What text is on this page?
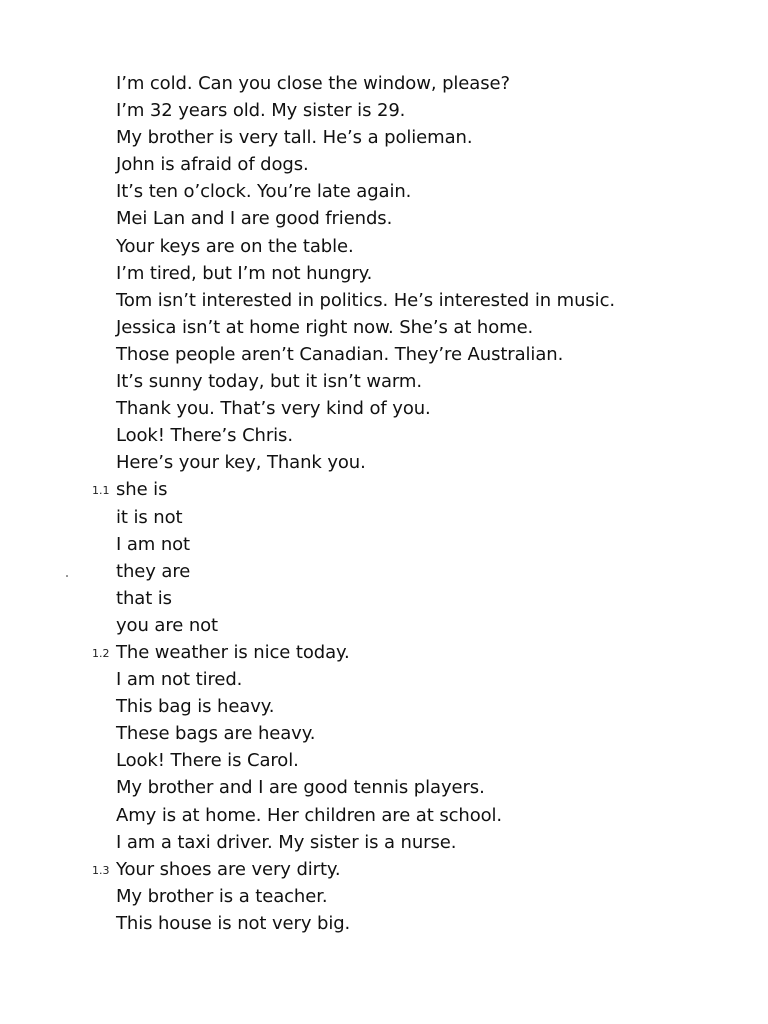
I’m cold. Can you close the window, please?
I’m 32 years old. My sister is 29.
My brother is very tall. He’s a polieman.
John is afraid of dogs.
It’s ten o’clock. You’re late again.
Mei Lan and I are good friends.
Your keys are on the table.
I’m tired, but I’m not hungry.
Tom isn’t interested in politics. He’s interested in music.
Jessica isn’t at home right now. She’s at home.
Those people aren’t Canadian. They’re Australian.
It’s sunny today, but it isn’t warm.
Thank you. That’s very kind of you.
Look! There’s Chris.
Here’s your key, Thank you.
1.1 she is
it is not
I am not
they are
that is
you are not
1.2 The weather is nice today.
I am not tired.
This bag is heavy.
These bags are heavy.
Look! There is Carol.
My brother and I are good tennis players.
Amy is at home. Her children are at school.
I am a taxi driver. My sister is a nurse.
1.3 Your shoes are very dirty.
My brother is a teacher.
This house is not very big.
